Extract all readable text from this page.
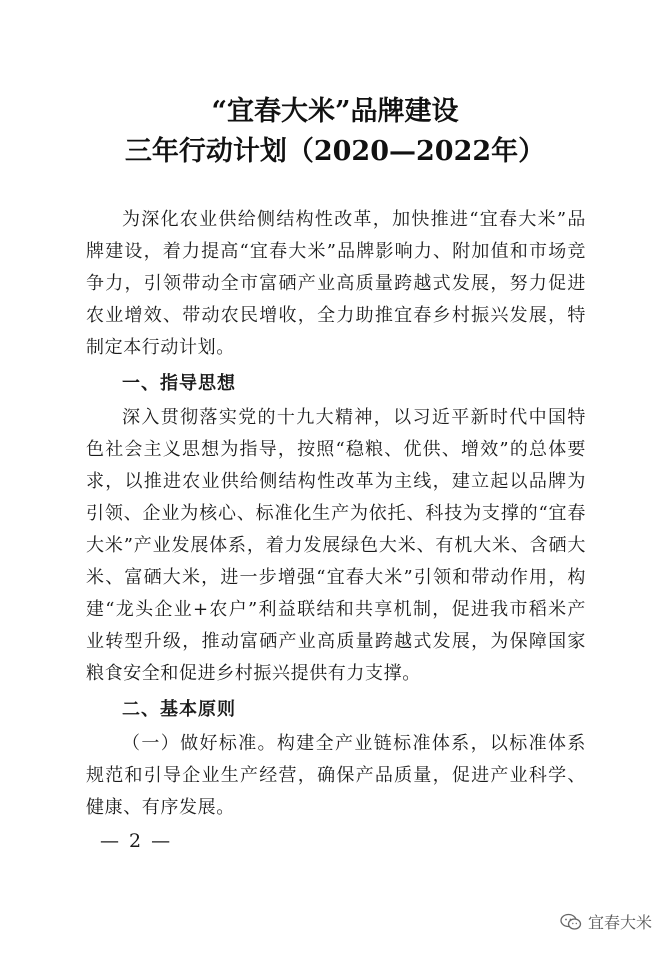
“宜春大米”品牌建设
三年行动计划（2020—2022年）

为深化农业供给侧结构性改革，加快推进“宜春大米”品牌建设，着力提高“宜春大米”品牌影响力、附加值和市场竞争力，引领带动全市富硒产业高质量跨越式发展，努力促进农业增效、带动农民增收，全力助推宜春乡村振兴发展，特制定本行动计划。

一、指导思想

深入贯彻落实党的十九大精神，以习近平新时代中国特色社会主义思想为指导，按照“稳粮、优供、增效”的总体要求，以推进农业供给侧结构性改革为主线，建立起以品牌为引领、企业为核心、标准化生产为依托、科技为支撑的“宜春大米”产业发展体系，着力发展绿色大米、有机大米、含硒大米、富硒大米，进一步增强“宜春大米”引领和带动作用，构建“龙头企业+农户”利益联结和共享机制，促进我市稻米产业转型升级，推动富硒产业高质量跨越式发展，为保障国家粮食安全和促进乡村振兴提供有力支撑。

二、基本原则

（一）做好标准。构建全产业链标准体系，以标准体系规范和引导企业生产经营，确保产品质量，促进产业科学、健康、有序发展。

— 2 —
宜春大米
